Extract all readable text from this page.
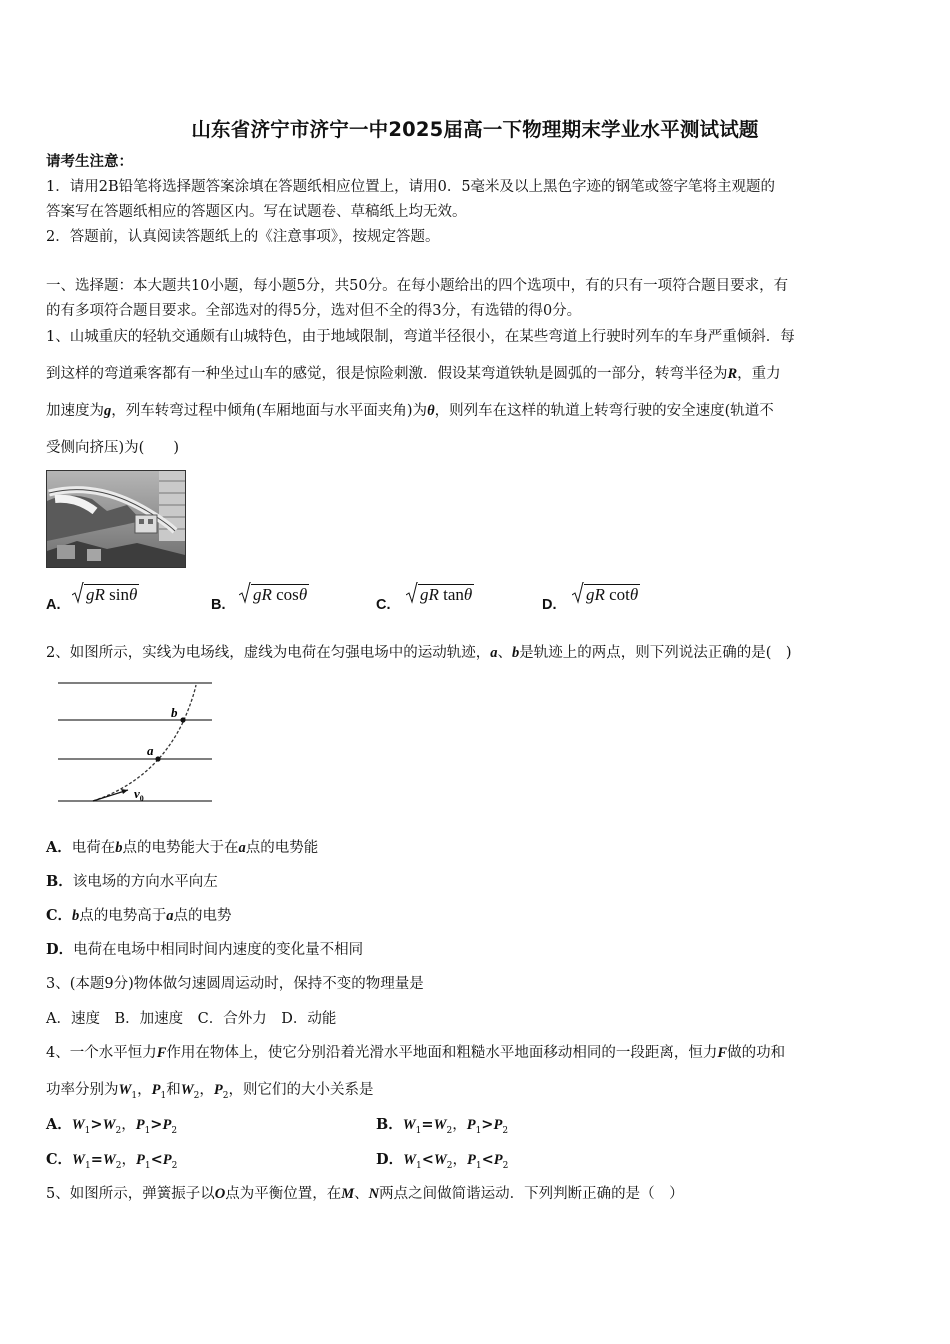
山东省济宁市济宁一中2025届高一下物理期末学业水平测试试题
请考生注意：
1．请用2B铅笔将选择题答案涂填在答题纸相应位置上，请用0．5毫米及以上黑色字迹的钢笔或签字笔将主观题的
答案写在答题纸相应的答题区内。写在试题卷、草稿纸上均无效。
2．答题前，认真阅读答题纸上的《注意事项》，按规定答题。
一、选择题：本大题共10小题，每小题5分，共50分。在每小题给出的四个选项中，有的只有一项符合题目要求，有
的有多项符合题目要求。全部选对的得5分，选对但不全的得3分，有选错的得0分。
1、山城重庆的轻轨交通颇有山城特色，由于地域限制，弯道半径很小，在某些弯道上行驶时列车的车身严重倾斜．每
到这样的弯道乘客都有一种坐过山车的感觉，很是惊险刺激．假设某弯道铁轨是圆弧的一部分，转弯半径为R，重力
加速度为g，列车转弯过程中倾角(车厢地面与水平面夹角)为θ，则列车在这样的轨道上转弯行驶的安全速度(轨道不
受侧向挤压)为(　　)
A.
gR sinθ
B.
gR cosθ
C.
gR tanθ
D.
gR cotθ
2、如图所示，实线为电场线，虚线为电荷在匀强电场中的运动轨迹，a、b是轨迹上的两点，则下列说法正确的是(　)
b
a
$v_0$
A．电荷在b点的电势能大于在a点的电势能
B．该电场的方向水平向左
C．b点的电势高于a点的电势
D．电荷在电场中相同时间内速度的变化量不相同
3、(本题9分)物体做匀速圆周运动时，保持不变的物理量是
A．速度　B．加速度　C．合外力　D．动能
4、一个水平恒力F作用在物体上，使它分别沿着光滑水平地面和粗糙水平地面移动相同的一段距离，恒力F做的功和
功率分别为$W_1$，$P_1$和$W_2$，$P_2$，则它们的大小关系是
A．$W_1>W_2$，$P_1>P_2$	B．$W_1=W_2$，$P_1>P_2$
C．$W_1=W_2$，$P_1<P_2$	D．$W_1<W_2$，$P_1<P_2$
5、如图所示，弹簧振子以O点为平衡位置，在M、N两点之间做简谐运动．下列判断正确的是（　）
